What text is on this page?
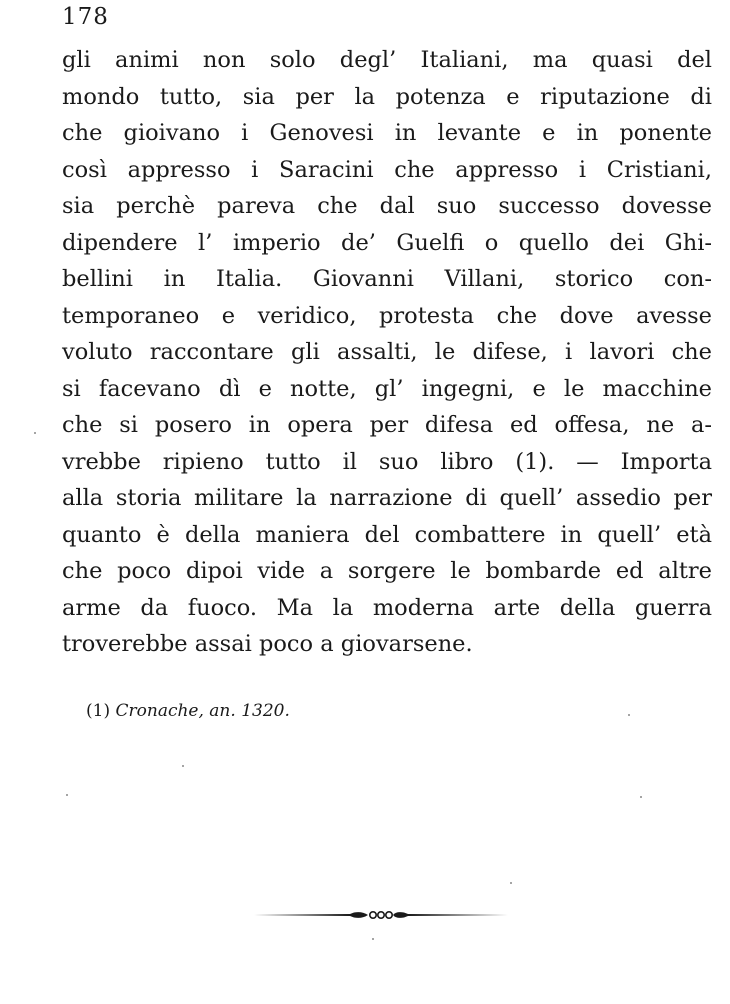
178
gli animi non solo degl’ Italiani, ma quasi del
mondo tutto, sia per la potenza e riputazione di
che gioivano i Genovesi in levante e in ponente
così appresso i Saracini che appresso i Cristiani,
sia perchè pareva che dal suo successo dovesse
dipendere l’ imperio de’ Guelfi o quello dei Ghi-
bellini in Italia. Giovanni Villani, storico con-
temporaneo e veridico, protesta che dove avesse
voluto raccontare gli assalti, le difese, i lavori che
si facevano dì e notte, gl’ ingegni, e le macchine
che si posero in opera per difesa ed offesa, ne a-
vrebbe ripieno tutto il suo libro (1). — Importa
alla storia militare la narrazione di quell’ assedio per
quanto è della maniera del combattere in quell’ età
che poco dipoi vide a sorgere le bombarde ed altre
arme da fuoco. Ma la moderna arte della guerra
troverebbe assai poco a giovarsene.
(1) Cronache, an. 1320.
